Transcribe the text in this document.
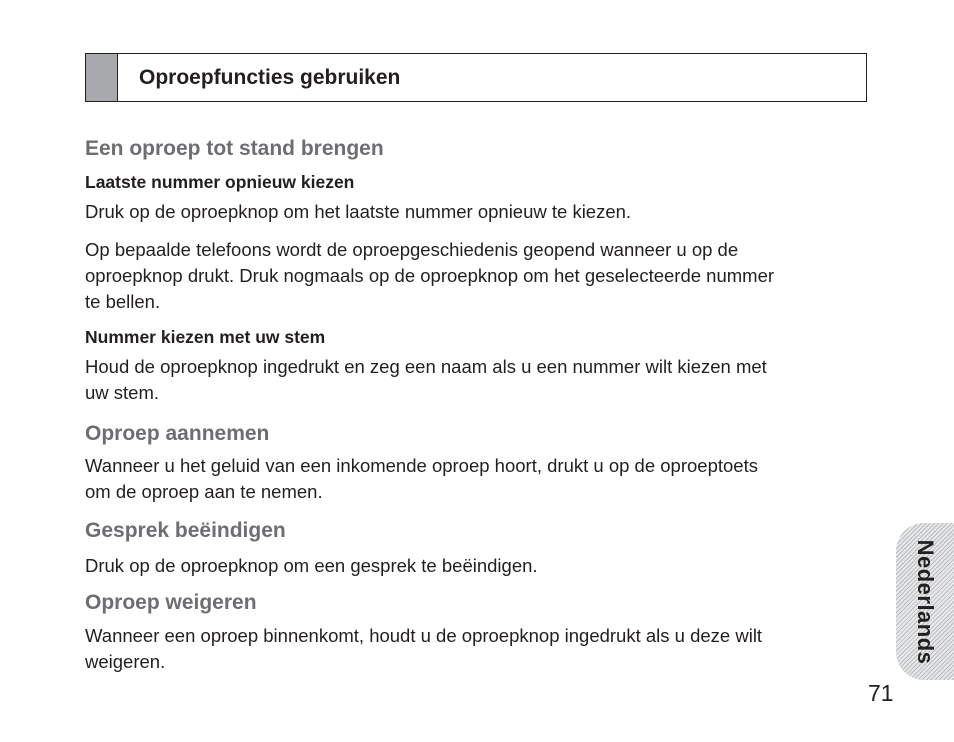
Oproepfuncties gebruiken
Een oproep tot stand brengen
Laatste nummer opnieuw kiezen
Druk op de oproepknop om het laatste nummer opnieuw te kiezen.
Op bepaalde telefoons wordt de oproepgeschiedenis geopend wanneer u op de
oproepknop drukt. Druk nogmaals op de oproepknop om het geselecteerde nummer
te bellen.
Nummer kiezen met uw stem
Houd de oproepknop ingedrukt en zeg een naam als u een nummer wilt kiezen met
uw stem.
Oproep aannemen
Wanneer u het geluid van een inkomende oproep hoort, drukt u op de oproeptoets
om de oproep aan te nemen.
Gesprek beëindigen
Druk op de oproepknop om een gesprek te beëindigen.
Oproep weigeren
Wanneer een oproep binnenkomt, houdt u de oproepknop ingedrukt als u deze wilt
weigeren.	Nederlands
71
